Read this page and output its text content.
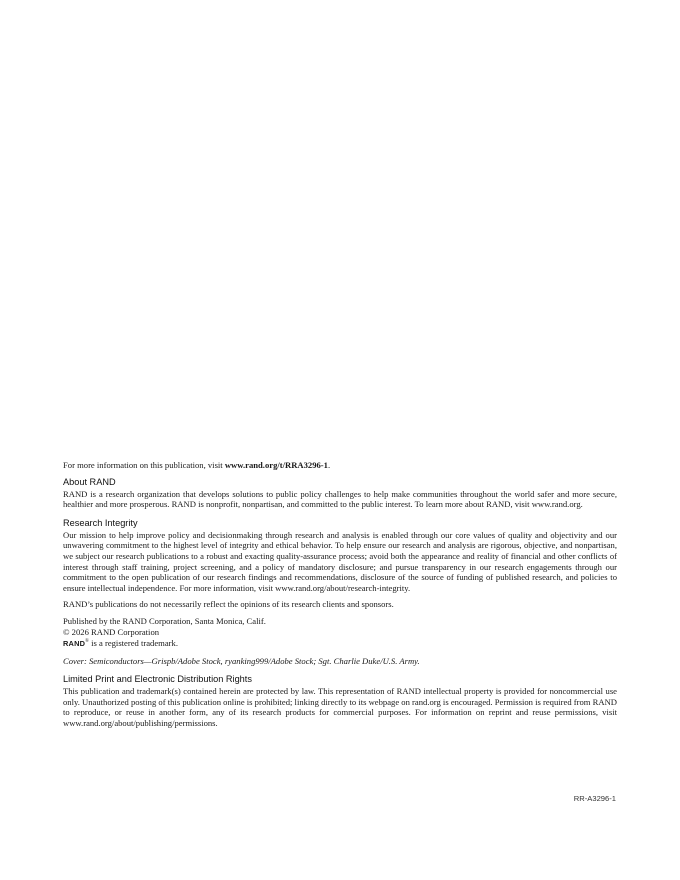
For more information on this publication, visit www.rand.org/t/RRA3296-1.

About RAND

RAND is a research organization that develops solutions to public policy challenges to help make communities throughout the world safer and more secure, healthier and more prosperous. RAND is nonprofit, nonpartisan, and committed to the public interest. To learn more about RAND, visit www.rand.org.

Research Integrity

Our mission to help improve policy and decisionmaking through research and analysis is enabled through our core values of quality and objectivity and our unwavering commitment to the highest level of integrity and ethical behavior. To help ensure our research and analysis are rigorous, objective, and nonpartisan, we subject our research publications to a robust and exacting quality-assurance process; avoid both the appearance and reality of financial and other conflicts of interest through staff training, project screening, and a policy of mandatory disclosure; and pursue transparency in our research engagements through our commitment to the open publication of our research findings and recommendations, disclosure of the source of funding of published research, and policies to ensure intellectual independence. For more information, visit www.rand.org/about/research-integrity.

RAND’s publications do not necessarily reflect the opinions of its research clients and sponsors.

Published by the RAND Corporation, Santa Monica, Calif.
© 2026 RAND Corporation
RAND® is a registered trademark.

Cover: Semiconductors—Grispb/Adobe Stock, ryanking999/Adobe Stock; Sgt. Charlie Duke/U.S. Army.

Limited Print and Electronic Distribution Rights

This publication and trademark(s) contained herein are protected by law. This representation of RAND intellectual property is provided for noncommercial use only. Unauthorized posting of this publication online is prohibited; linking directly to its webpage on rand.org is encouraged. Permission is required from RAND to reproduce, or reuse in another form, any of its research products for commercial purposes. For information on reprint and reuse permissions, visit www.rand.org/about/publishing/permissions.

RR-A3296-1
